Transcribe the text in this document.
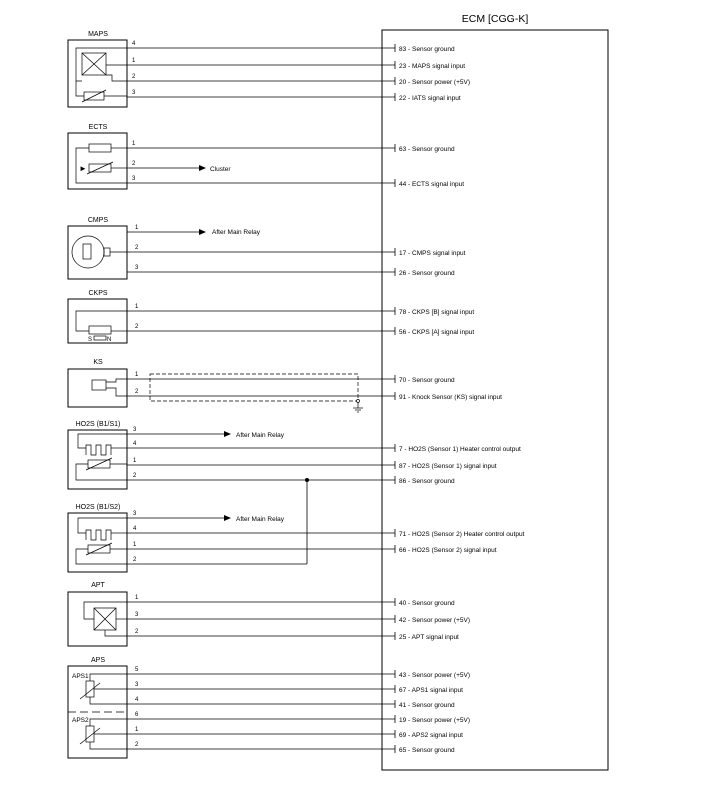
ECM [CGG-K]
83 - Sensor ground
23 - MAPS signal input
20 - Sensor power (+5V)
22 - IATS signal input
63 - Sensor ground
44 - ECTS signal input
17 - CMPS signal input
26 - Sensor ground
78 - CKPS [B] signal input
56 - CKPS [A] signal input
70 - Sensor ground
91 - Knock Sensor (KS) signal input
7 - HO2S (Sensor 1) Heater control output
87 - HO2S (Sensor 1) signal input
86 - Sensor ground
71 - HO2S (Sensor 2) Heater control output
66 - HO2S (Sensor 2) signal input
40 - Sensor ground
42 - Sensor power (+5V)
25 - APT signal input
43 - Sensor power (+5V)
67 - APS1 signal input
41 - Sensor ground
19 - Sensor power (+5V)
69 - APS2 signal input
65 - Sensor ground
Cluster
After Main Relay
After Main Relay
After Main Relay
MAPS
4
1
2
3
ECTS
►
1
2
3
CMPS
1
2
3
CKPS
S N
1
2
KS
1
2
HO2S (B1/S1)
3
4
1
2
HO2S (B1/S2)
3
4
1
2
APT
1
3
2
APS
APS1
APS2
5
3
4
6
1
2
